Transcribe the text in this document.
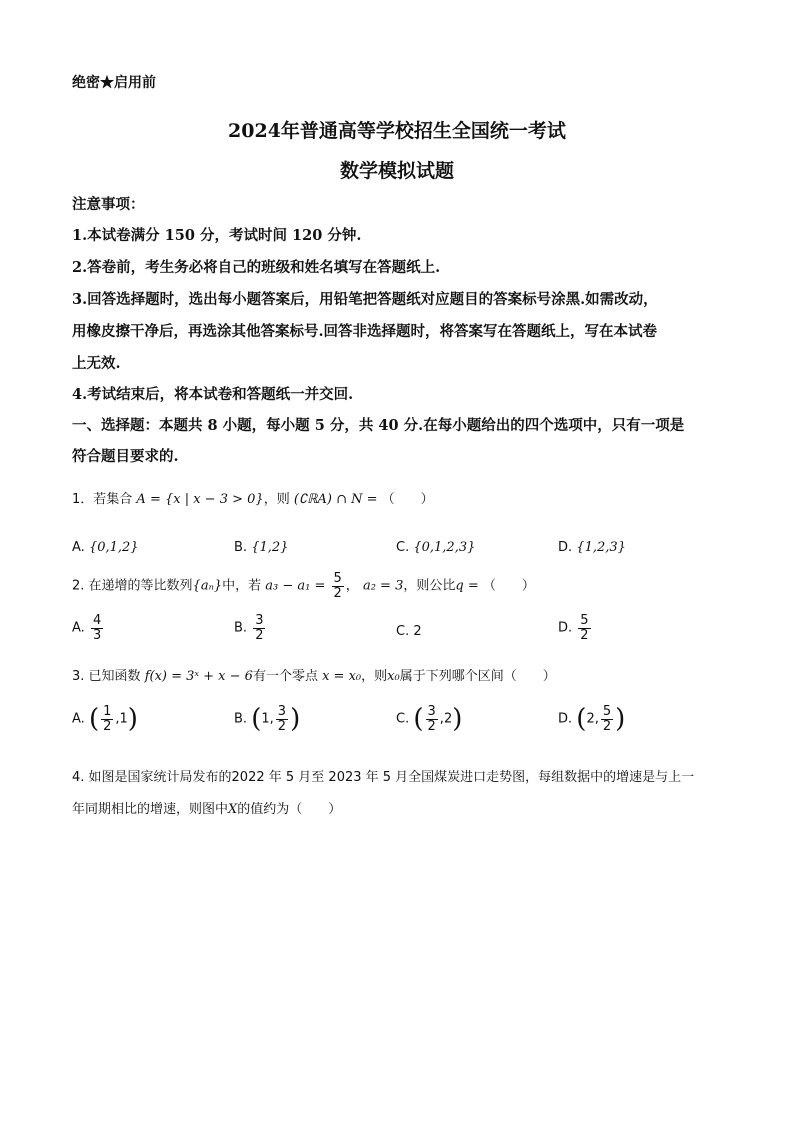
绝密★启用前
2024年普通高等学校招生全国统一考试
数学模拟试题
注意事项：
1.本试卷满分 150 分，考试时间 120 分钟.
2.答卷前，考生务必将自己的班级和姓名填写在答题纸上.
3.回答选择题时，选出每小题答案后，用铅笔把答题纸对应题目的答案标号涂黑.如需改动，
用橡皮擦干净后，再选涂其他答案标号.回答非选择题时，将答案写在答题纸上，写在本试卷
上无效.
4.考试结束后，将本试卷和答题纸一并交回.
一、选择题：本题共 8 小题，每小题 5 分，共 40 分.在每小题给出的四个选项中，只有一项是
符合题目要求的.
1．若集合 A = {x | x − 3 > 0}，则 (∁ℝA) ∩ N = （　　）
A. {0,1,2}	B. {1,2}	C. {0,1,2,3}	D. {1,2,3}
2. 在递增的等比数列{aₙ}中，若 $a_3 - a_1 = \frac{5}{2}$ ， a₂ = 3，则公比q = （　　）
A. $\frac{4}{3}$	B. $\frac{3}{2}$	C. 2	D. $\frac{5}{2}$
3. 已知函数 f(x) = 3ˣ + x − 6有一个零点 x = x₀，则x₀属于下列哪个区间（　　）
A. ( $\frac{1}{2} ,1$)	B. (1, $\frac{3}{2}$ )	C. ( $\frac{3}{2} ,2$)	D. (2, $\frac{5}{2}$ )
4. 如图是国家统计局发布的2022 年 5 月至 2023 年 5 月全国煤炭进口走势图，每组数据中的增速是与上一
年同期相比的增速，则图中X的值约为（　　）
